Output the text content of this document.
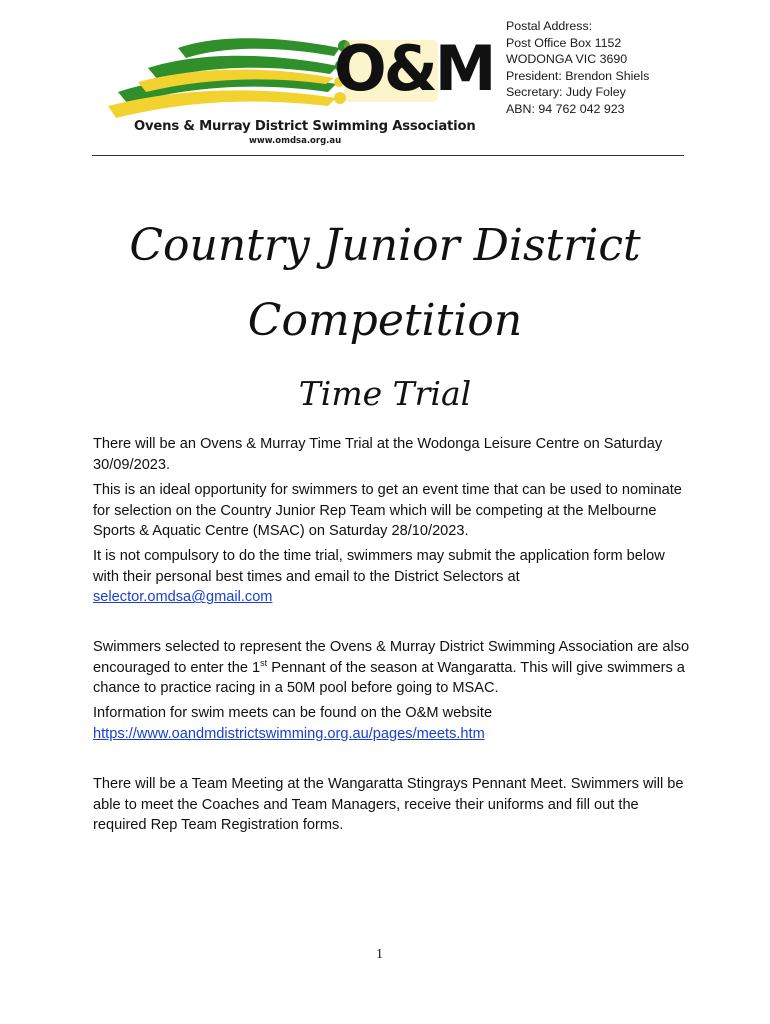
O&M
Ovens & Murray District Swimming Association
www.omdsa.org.au
Postal Address:
Post Office Box 1152
WODONGA VIC 3690
President: Brendon Shiels
Secretary: Judy Foley
ABN: 94 762 042 923
Country Junior District
Competition
Time Trial

There will be an Ovens & Murray Time Trial at the Wodonga Leisure Centre on Saturday 30/09/2023.

This is an ideal opportunity for swimmers to get an event time that can be used to nominate for selection on the Country Junior Rep Team which will be competing at the Melbourne Sports & Aquatic Centre (MSAC) on Saturday 28/10/2023.

It is not compulsory to do the time trial, swimmers may submit the application form below with their personal best times and email to the District Selectors at selector.omdsa@gmail.com

Swimmers selected to represent the Ovens & Murray District Swimming Association are also encouraged to enter the 1st Pennant of the season at Wangaratta. This will give swimmers a chance to practice racing in a 50M pool before going to MSAC.

Information for swim meets can be found on the O&M website
https://www.oandmdistrictswimming.org.au/pages/meets.htm

There will be a Team Meeting at the Wangaratta Stingrays Pennant Meet. Swimmers will be able to meet the Coaches and Team Managers, receive their uniforms and fill out the required Rep Team Registration forms.

1
